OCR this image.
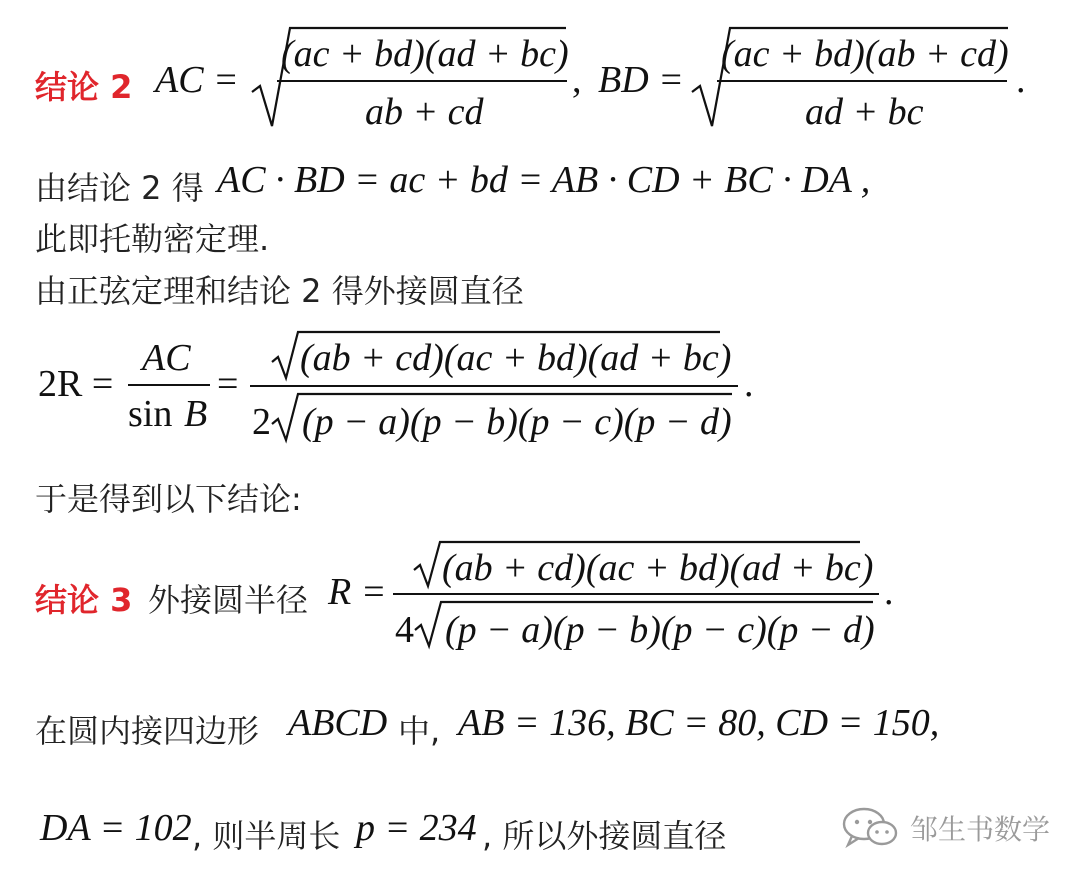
结论 2 AC =
(ac + bd)(ad + bc)
ab + cd
, BD =
(ac + bd)(ab + cd)
ad + bc
.
由结论 2 得 AC · BD = ac + bd = AB · CD + BC · DA ,
此即托勒密定理.
由正弦定理和结论 2 得外接圆直径
2R =
AC
sin B
=
(ab + cd)(ac + bd)(ad + bc)
2 (p − a)(p − b)(p − c)(p − d)
.
于是得到以下结论:
结论 3 外接圆半径 R =
(ab + cd)(ac + bd)(ad + bc)
4 (p − a)(p − b)(p − c)(p − d)
.
在圆内接四边形 ABCD 中, AB = 136, BC = 80, CD = 150,
DA = 102 , 则半周长 p = 234 , 所以外接圆直径	邹生书数学
